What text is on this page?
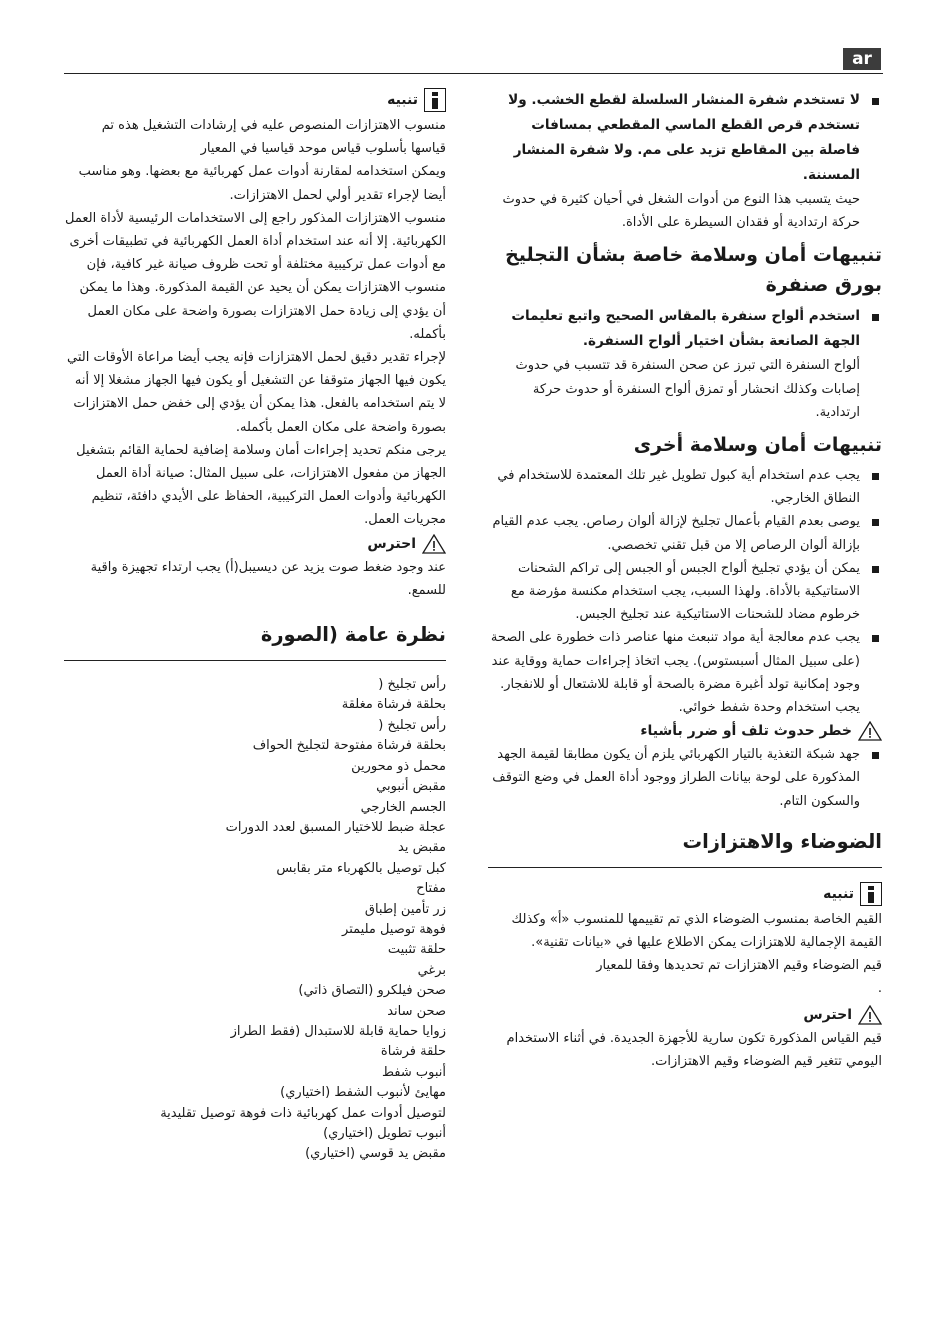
ar

لا تستخدم شفرة المنشار السلسلة لقطع الخشب. ولا تستخدم قرص القطع الماسي المقطعي بمسافات فاصلة بين المقاطع تزيد على مم. ولا شفرة المنشار المسننة.

حيث يتسبب هذا النوع من أدوات الشغل في أحيان كثيرة في حدوث حركة ارتدادية أو فقدان السيطرة على الأداة.

تنبيهات أمان وسلامة خاصة بشأن التجليخ بورق صنفرة

استخدم ألواح سنفرة بالمقاس الصحيح واتبع تعليمات الجهة الصانعة بشأن اختيار ألواح السنفرة.

ألواح السنفرة التي تبرز عن صحن السنفرة قد تتسبب في حدوث إصابات وكذلك انحشار أو تمزق ألواح السنفرة أو حدوث حركة ارتدادية.

تنبيهات أمان وسلامة أخرى

يجب عدم استخدام أية كبول تطويل غير تلك المعتمدة للاستخدام في النطاق الخارجي.

يوصى بعدم القيام بأعمال تجليخ لإزالة ألوان رصاص. يجب عدم القيام بإزالة ألوان الرصاص إلا من قبل تقني تخصصي.

يمكن أن يؤدي تجليخ ألواح الجبس أو الجبس إلى تراكم الشحنات الاستاتيكية بالأداة. ولهذا السبب، يجب استخدام مكنسة مؤرضة مع خرطوم مضاد للشحنات الاستاتيكية عند تجليخ الجبس.

يجب عدم معالجة أية مواد تنبعث منها عناصر ذات خطورة على الصحة (على سبيل المثال أسبستوس). يجب اتخاذ إجراءات حماية ووقاية عند وجود إمكانية تولد أغبرة مضرة بالصحة أو قابلة للاشتعال أو للانفجار. يجب استخدام وحدة شفط خوائي.

خطر حدوث تلف أو ضرر بأشياء

جهد شبكة التغذية بالتيار الكهربائي يلزم أن يكون مطابقا لقيمة الجهد المذكورة على لوحة بيانات الطراز ووجود أداة العمل في وضع التوقف والسكون التام.

الضوضاء والاهتزازات
تنبيه

القيم الخاصة بمنسوب الضوضاء الذي تم تقييمها للمنسوب «أ» وكذلك القيمة الإجمالية للاهتزازات يمكن الاطلاع عليها في «بيانات تقنية».

قيم الضوضاء وقيم الاهتزازات تم تحديدها وفقا للمعيار

.

احترس

قيم القياس المذكورة تكون سارية للأجهزة الجديدة. في أثناء الاستخدام اليومي تتغير قيم الضوضاء وقيم الاهتزازات.

تنبيه

منسوب الاهتزازات المنصوص عليه في إرشادات التشغيل هذه تم قياسها بأسلوب قياس موحد قياسيا في المعيار

ويمكن استخدامه لمقارنة أدوات عمل كهربائية مع بعضها. وهو مناسب أيضا لإجراء تقدير أولي لحمل الاهتزازات.

منسوب الاهتزازات المذكور راجع إلى الاستخدامات الرئيسية لأداة العمل الكهربائية. إلا أنه عند استخدام أداة العمل الكهربائية في تطبيقات أخرى مع أدوات عمل تركيبية مختلفة أو تحت ظروف صيانة غير كافية، فإن منسوب الاهتزازات يمكن أن يحيد عن القيمة المذكورة. وهذا ما يمكن أن يؤدي إلى زيادة حمل الاهتزازات بصورة واضحة على مكان العمل بأكمله.

لإجراء تقدير دقيق لحمل الاهتزازات فإنه يجب أيضا مراعاة الأوقات التي يكون فيها الجهاز متوقفا عن التشغيل أو يكون فيها الجهاز مشغلا إلا أنه لا يتم استخدامه بالفعل. هذا يمكن أن يؤدي إلى خفض حمل الاهتزازات بصورة واضحة على مكان العمل بأكمله.

يرجى منكم تحديد إجراءات أمان وسلامة إضافية لحماية القائم بتشغيل الجهاز من مفعول الاهتزازات، على سبيل المثال: صيانة أداة العمل الكهربائية وأدوات العمل التركيبية، الحفاظ على الأيدي دافئة، تنظيم مجريات العمل.

احترس

عند وجود ضغط صوت يزيد عن ديسيبل(أ) يجب ارتداء تجهيزة واقية للسمع.

نظرة عامة (الصورة

رأس تجليخ (

بحلقة فرشاة مغلقة

رأس تجليخ (

بحلقة فرشاة مفتوحة لتجليخ الحواف

محمل ذو محورين

مقبض أنبوبي

الجسم الخارجي

عجلة ضبط للاختيار المسبق لعدد الدورات

مقبض يد

كبل توصيل بالكهرباء متر بقابس

مفتاح

زر تأمين إطباق

فوهة توصيل مليمتر

حلقة تثبيت

برغي

صحن فيلكرو (التصاق ذاتي)

صحن ساند

زوايا حماية قابلة للاستبدال (فقط الطراز

حلقة فرشاة

أنبوب شفط

مهايئ لأنبوب الشفط (اختياري)

لتوصيل أدوات عمل كهربائية ذات فوهة توصيل تقليدية

أنبوب تطويل (اختياري)

مقبض يد قوسي (اختياري)
